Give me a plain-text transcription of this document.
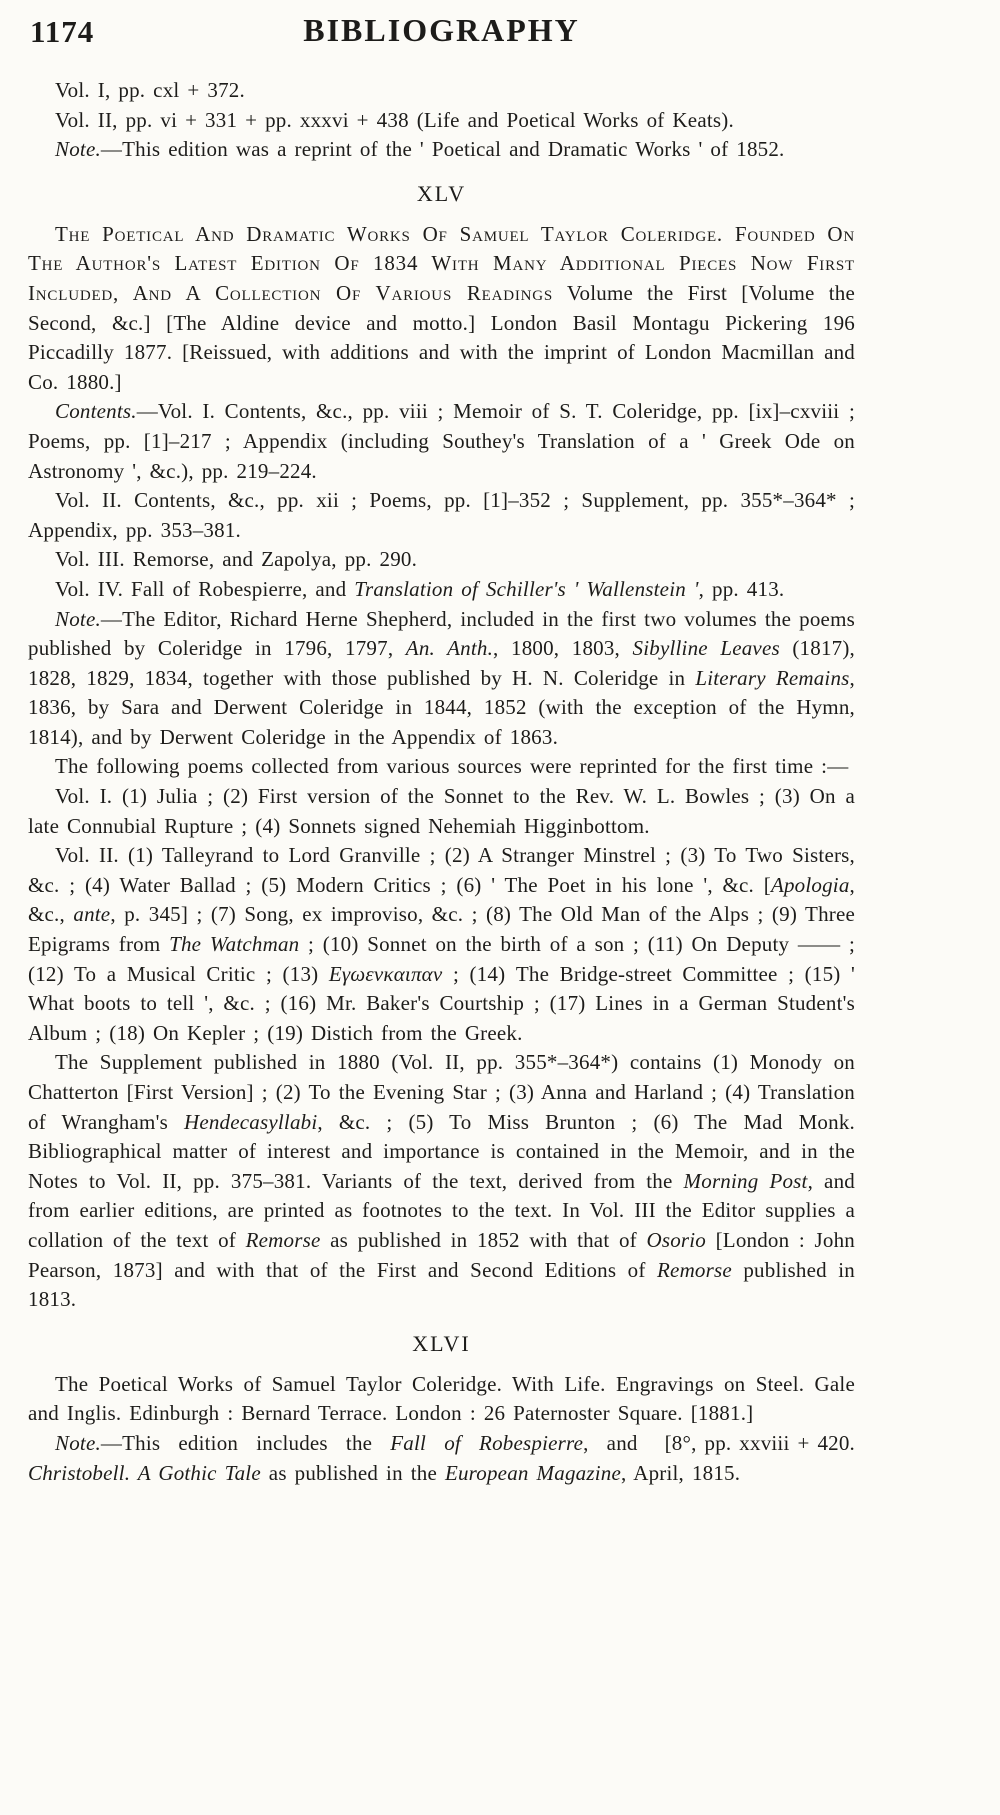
1174	BIBLIOGRAPHY

Vol. I, pp. cxl + 372.

Vol. II, pp. vi + 331 + pp. xxxvi + 438 (Life and Poetical Works of Keats).

Note.—This edition was a reprint of the ' Poetical and Dramatic Works ' of 1852.

XLV

The Poetical And Dramatic Works Of Samuel Taylor Coleridge. Founded On The Author's Latest Edition Of 1834 With Many Additional Pieces Now First Included, And A Collection Of Various Readings Volume the First [Volume the Second, &c.] [The Aldine device and motto.] London Basil Montagu Pickering 196 Piccadilly 1877. [Reissued, with additions and with the imprint of London Macmillan and Co. 1880.]

Contents.—Vol. I. Contents, &c., pp. viii ; Memoir of S. T. Coleridge, pp. [ix]–cxviii ; Poems, pp. [1]–217 ; Appendix (including Southey's Translation of a ' Greek Ode on Astronomy ', &c.), pp. 219–224.

Vol. II. Contents, &c., pp. xii ; Poems, pp. [1]–352 ; Supplement, pp. 355*–364* ; Appendix, pp. 353–381.

Vol. III. Remorse, and Zapolya, pp. 290.

Vol. IV. Fall of Robespierre, and Translation of Schiller's ' Wallenstein ', pp. 413.

Note.—The Editor, Richard Herne Shepherd, included in the first two volumes the poems published by Coleridge in 1796, 1797, An. Anth., 1800, 1803, Sibylline Leaves (1817), 1828, 1829, 1834, together with those published by H. N. Coleridge in Literary Remains, 1836, by Sara and Derwent Coleridge in 1844, 1852 (with the exception of the Hymn, 1814), and by Derwent Coleridge in the Appendix of 1863.

The following poems collected from various sources were reprinted for the first time :—

Vol. I. (1) Julia ; (2) First version of the Sonnet to the Rev. W. L. Bowles ; (3) On a late Connubial Rupture ; (4) Sonnets signed Nehemiah Higginbottom.

Vol. II. (1) Talleyrand to Lord Granville ; (2) A Stranger Minstrel ; (3) To Two Sisters, &c. ; (4) Water Ballad ; (5) Modern Critics ; (6) ' The Poet in his lone ', &c. [Apologia, &c., ante, p. 345] ; (7) Song, ex improviso, &c. ; (8) The Old Man of the Alps ; (9) Three Epigrams from The Watchman ; (10) Sonnet on the birth of a son ; (11) On Deputy —— ; (12) To a Musical Critic ; (13) Εγωενκαιπαν ; (14) The Bridge-street Committee ; (15) ' What boots to tell ', &c. ; (16) Mr. Baker's Courtship ; (17) Lines in a German Student's Album ; (18) On Kepler ; (19) Distich from the Greek.

The Supplement published in 1880 (Vol. II, pp. 355*–364*) contains (1) Monody on Chatterton [First Version] ; (2) To the Evening Star ; (3) Anna and Harland ; (4) Translation of Wrangham's Hendecasyllabi, &c. ; (5) To Miss Brunton ; (6) The Mad Monk. Bibliographical matter of interest and importance is contained in the Memoir, and in the Notes to Vol. II, pp. 375–381. Variants of the text, derived from the Morning Post, and from earlier editions, are printed as footnotes to the text. In Vol. III the Editor supplies a collation of the text of Remorse as published in 1852 with that of Osorio [London : John Pearson, 1873] and with that of the First and Second Editions of Remorse published in 1813.

XLVI

The Poetical Works of Samuel Taylor Coleridge. With Life. Engravings on Steel. Gale and Inglis. Edinburgh : Bernard Terrace. London : 26 Paternoster Square. [1881.]
[8°, pp. xxviii + 420.

Note.—This edition includes the Fall of Robespierre, and Christobell. A Gothic Tale as published in the European Magazine, April, 1815.
